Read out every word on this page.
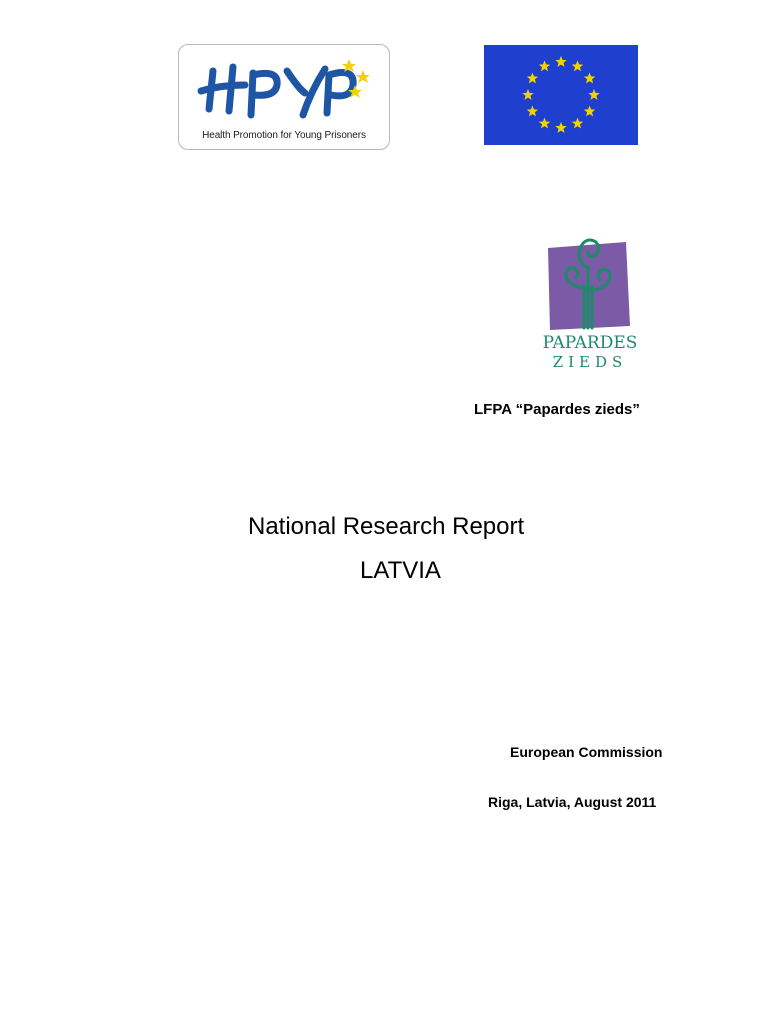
Health Promotion for Young Prisoners
PAPARDES
ZIEDS
LFPA “Papardes zieds”
National Research Report
LATVIA
European Commission
Riga, Latvia, August 2011
